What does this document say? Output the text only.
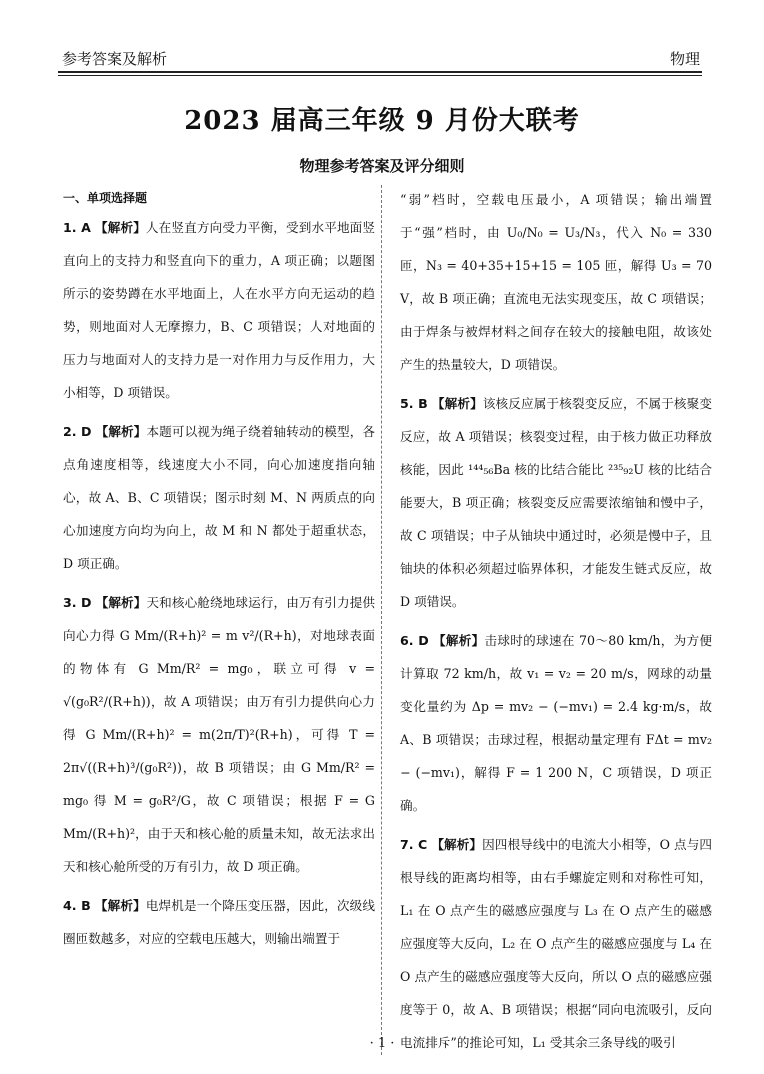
参考答案及解析	物理
2023 届高三年级 9 月份大联考
物理参考答案及评分细则
一、单项选择题
1. A 【解析】人在竖直方向受力平衡，受到水平地面竖直向上的支持力和竖直向下的重力，A 项正确；以题图所示的姿势蹲在水平地面上，人在水平方向无运动的趋势，则地面对人无摩擦力，B、C 项错误；人对地面的压力与地面对人的支持力是一对作用力与反作用力，大小相等，D 项错误。
2. D 【解析】本题可以视为绳子绕着轴转动的模型，各点角速度相等，线速度大小不同，向心加速度指向轴心，故 A、B、C 项错误；图示时刻 M、N 两质点的向心加速度方向均为向上，故 M 和 N 都处于超重状态，D 项正确。
3. D 【解析】天和核心舱绕地球运行，由万有引力提供向心力得 G Mm/(R+h)² = m v²/(R+h)，对地球表面的物体有 G Mm/R² = mg₀，联立可得 v = √(g₀R²/(R+h))，故 A 项错误；由万有引力提供向心力得 G Mm/(R+h)² = m(2π/T)²(R+h)，可得 T = 2π√((R+h)³/(g₀R²))，故 B 项错误；由 G Mm/R² = mg₀ 得 M = g₀R²/G，故 C 项错误；根据 F = G Mm/(R+h)²，由于天和核心舱的质量未知，故无法求出天和核心舱所受的万有引力，故 D 项正确。
4. B 【解析】电焊机是一个降压变压器，因此，次级线圈匝数越多，对应的空载电压越大，则输出端置于
“弱”档时，空载电压最小，A 项错误；输出端置于“强”档时，由 U₀/N₀ = U₃/N₃，代入 N₀ = 330 匝，N₃ = 40+35+15+15 = 105 匝，解得 U₃ = 70 V，故 B 项正确；直流电无法实现变压，故 C 项错误；由于焊条与被焊材料之间存在较大的接触电阻，故该处产生的热量较大，D 项错误。
5. B 【解析】该核反应属于核裂变反应，不属于核聚变反应，故 A 项错误；核裂变过程，由于核力做正功释放核能，因此 ¹⁴⁴₅₆Ba 核的比结合能比 ²³⁵₉₂U 核的比结合能要大，B 项正确；核裂变反应需要浓缩铀和慢中子，故 C 项错误；中子从铀块中通过时，必须是慢中子，且铀块的体积必须超过临界体积，才能发生链式反应，故 D 项错误。
6. D 【解析】击球时的球速在 70～80 km/h，为方便计算取 72 km/h，故 v₁ = v₂ = 20 m/s，网球的动量变化量约为 Δp = mv₂ − (−mv₁) = 2.4 kg·m/s，故 A、B 项错误；击球过程，根据动量定理有 FΔt = mv₂ − (−mv₁)，解得 F = 1 200 N，C 项错误，D 项正确。
7. C 【解析】因四根导线中的电流大小相等，O 点与四根导线的距离均相等，由右手螺旋定则和对称性可知，L₁ 在 O 点产生的磁感应强度与 L₃ 在 O 点产生的磁感应强度等大反向，L₂ 在 O 点产生的磁感应强度与 L₄ 在 O 点产生的磁感应强度等大反向，所以 O 点的磁感应强度等于 0，故 A、B 项错误；根据“同向电流吸引，反向电流排斥”的推论可知，L₁ 受其余三条导线的吸引
· 1 ·
